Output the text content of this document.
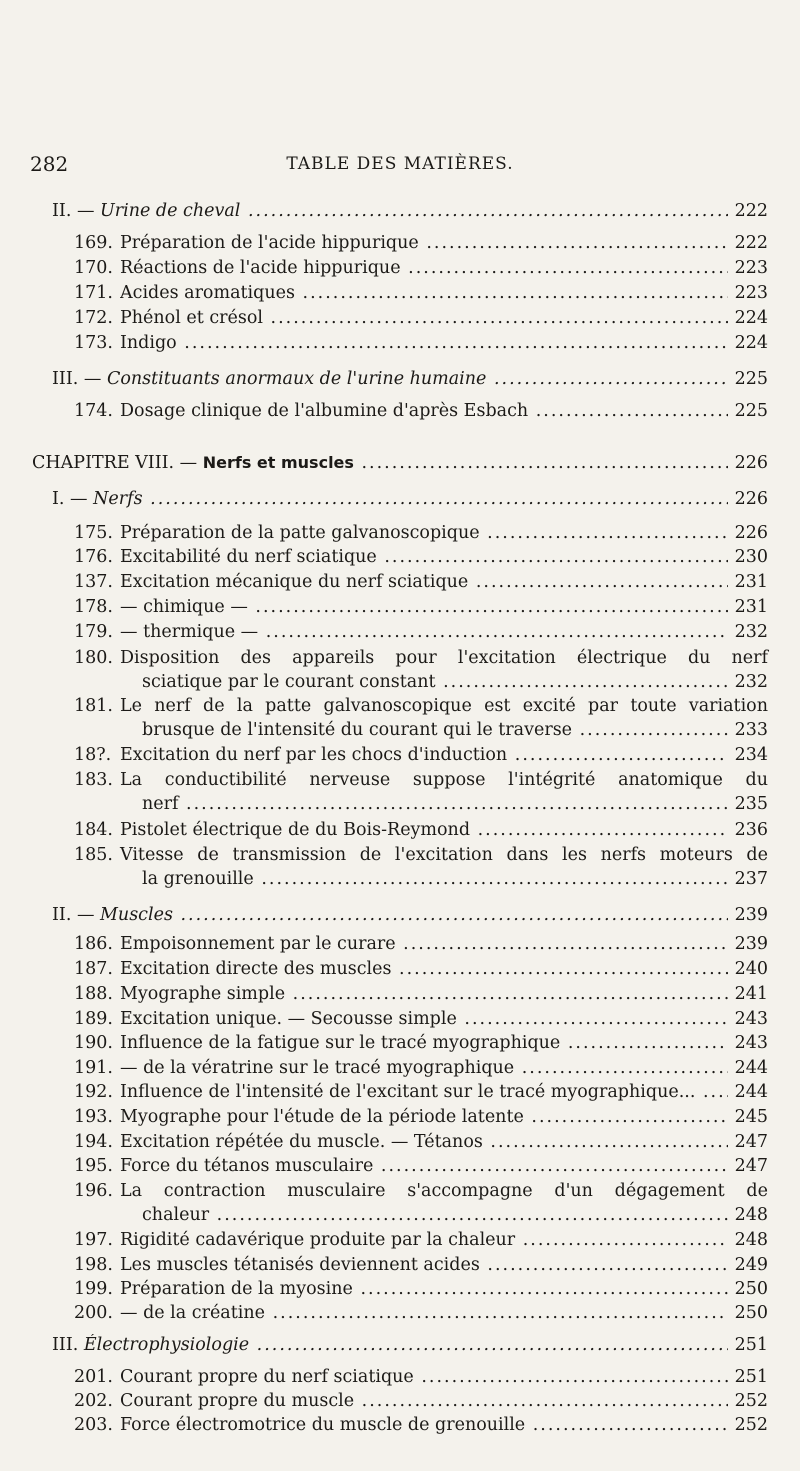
282	TABLE DES MATIÈRES.
II. — Urine de cheval .....	222
169. Préparation de l'acide hippurique .....	222
170. Réactions de l'acide hippurique .....	223
171. Acides aromatiques .....	223
172. Phénol et crésol .....	224
173. Indigo .....	224
III. — Constituants anormaux de l'urine humaine .....	225
174. Dosage clinique de l'albumine d'après Esbach .....	225
CHAPITRE VIII. — Nerfs et muscles .....	226
I. — Nerfs .....	226
175. Préparation de la patte galvanoscopique .....	226
176. Excitabilité du nerf sciatique .....	230
137. Excitation mécanique du nerf sciatique .....	231
178. — chimique — .....	231
179. — thermique — .....	232
180. Disposition des appareils pour l'excitation électrique du nerf
sciatique par le courant constant .....	232
181. Le nerf de la patte galvanoscopique est excité par toute variation
brusque de l'intensité du courant qui le traverse .....	233
18?. Excitation du nerf par les chocs d'induction .....	234
183. La conductibilité nerveuse suppose l'intégrité anatomique du
nerf .....	235
184. Pistolet électrique de du Bois-Reymond .....	236
185. Vitesse de transmission de l'excitation dans les nerfs moteurs de
la grenouille .....	237
II. — Muscles .....	239
186. Empoisonnement par le curare .....	239
187. Excitation directe des muscles .....	240
188. Myographe simple .....	241
189. Excitation unique. — Secousse simple .....	243
190. Influence de la fatigue sur le tracé myographique .....	243
191. — de la vératrine sur le tracé myographique .....	244
192. Influence de l'intensité de l'excitant sur le tracé myographique... .....	244
193. Myographe pour l'étude de la période latente .....	245
194. Excitation répétée du muscle. — Tétanos .....	247
195. Force du tétanos musculaire .....	247
196. La contraction musculaire s'accompagne d'un dégagement de
chaleur .....	248
197. Rigidité cadavérique produite par la chaleur .....	248
198. Les muscles tétanisés deviennent acides .....	249
199. Préparation de la myosine .....	250
200. — de la créatine .....	250
III. Électrophysiologie .....	251
201. Courant propre du nerf sciatique .....	251
202. Courant propre du muscle .....	252
203. Force électromotrice du muscle de grenouille .....	252
